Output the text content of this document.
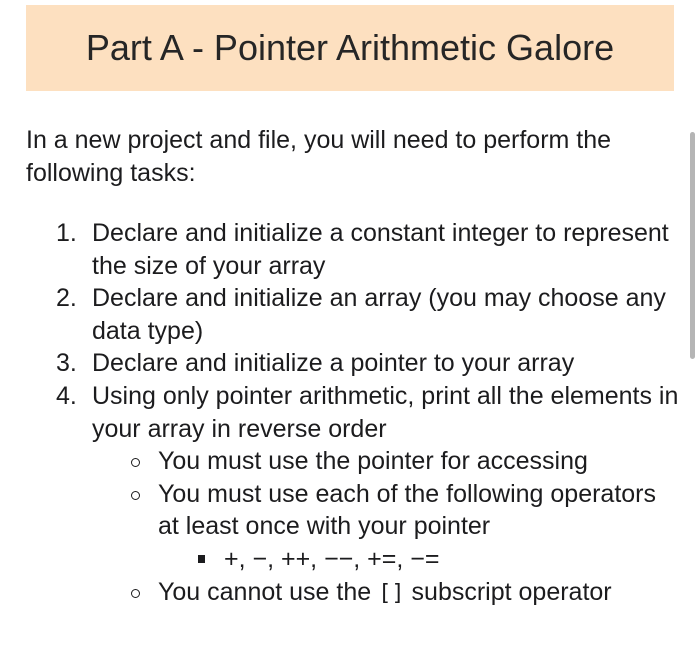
Part A - Pointer Arithmetic Galore
In a new project and file, you will need to perform the following tasks:
1. Declare and initialize a constant integer to represent the size of your array
2. Declare and initialize an array (you may choose any data type)
3. Declare and initialize a pointer to your array
4. Using only pointer arithmetic, print all the elements in your array in reverse order
You must use the pointer for accessing
You must use each of the following operators at least once with your pointer
+, −, ++, −−, +=, −=
You cannot use the [] subscript operator
